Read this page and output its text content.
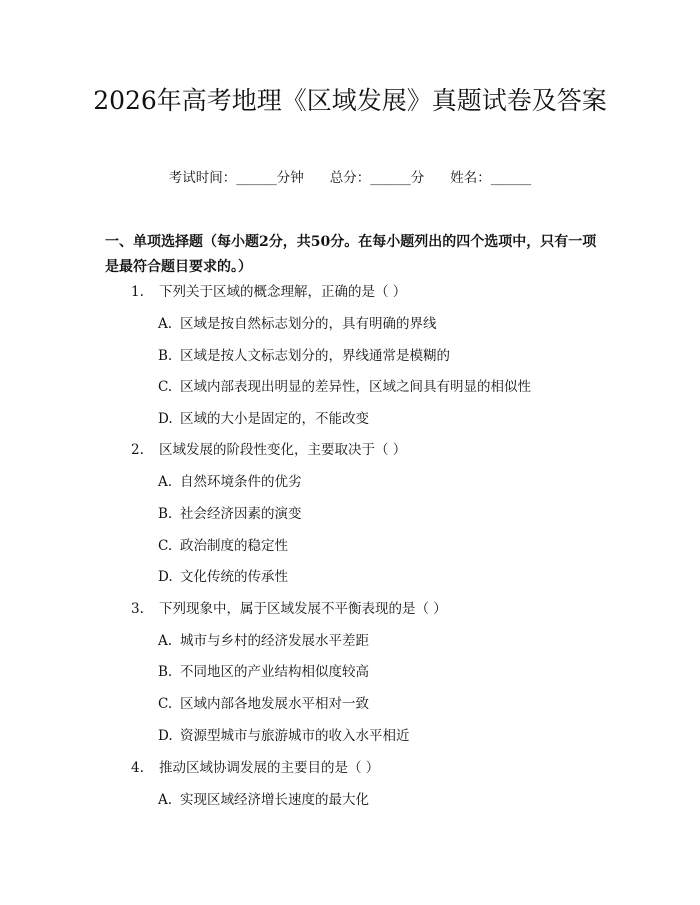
2026年高考地理《区域发展》真题试卷及答案
考试时间：______分钟 总分：______分 姓名：______

一、单项选择题（每小题2分，共50分。在每小题列出的四个选项中，只有一项是最符合题目要求的。）

1. 下列关于区域的概念理解，正确的是（ ）
A. 区域是按自然标志划分的，具有明确的界线
B. 区域是按人文标志划分的，界线通常是模糊的
C. 区域内部表现出明显的差异性，区域之间具有明显的相似性
D. 区域的大小是固定的，不能改变
2. 区域发展的阶段性变化，主要取决于（ ）
A. 自然环境条件的优劣
B. 社会经济因素的演变
C. 政治制度的稳定性
D. 文化传统的传承性
3. 下列现象中，属于区域发展不平衡表现的是（ ）
A. 城市与乡村的经济发展水平差距
B. 不同地区的产业结构相似度较高
C. 区域内部各地发展水平相对一致
D. 资源型城市与旅游城市的收入水平相近
4. 推动区域协调发展的主要目的是（ ）
A. 实现区域经济增长速度的最大化
